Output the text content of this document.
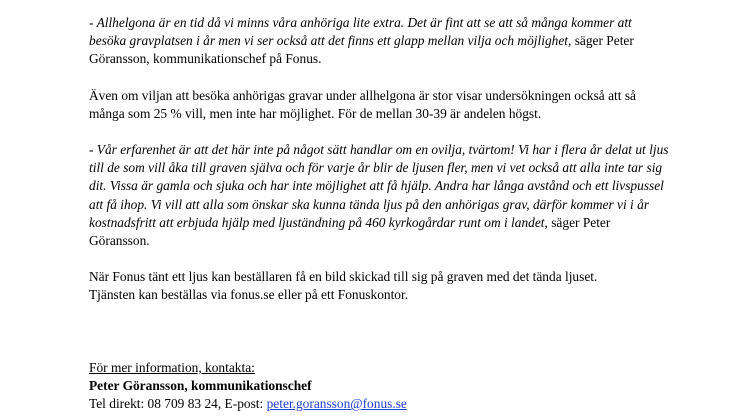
- Allhelgona är en tid då vi minns våra anhöriga lite extra. Det är fint att se att så många kommer att besöka gravplatsen i år men vi ser också att det finns ett glapp mellan vilja och möjlighet, säger Peter Göransson, kommunikationschef på Fonus.

Även om viljan att besöka anhörigas gravar under allhelgona är stor visar undersökningen också att så många som 25 % vill, men inte har möjlighet. För de mellan 30-39 är andelen högst.

- Vår erfarenhet är att det här inte på något sätt handlar om en ovilja, tvärtom! Vi har i flera år delat ut ljus till de som vill åka till graven själva och för varje år blir de ljusen fler, men vi vet också att alla inte tar sig dit. Vissa är gamla och sjuka och har inte möjlighet att få hjälp. Andra har långa avstånd och ett livspussel att få ihop. Vi vill att alla som önskar ska kunna tända ljus på den anhörigas grav, därför kommer vi i år kostnadsfritt att erbjuda hjälp med ljuständning på 460 kyrkogårdar runt om i landet, säger Peter Göransson.

När Fonus tänt ett ljus kan beställaren få en bild skickad till sig på graven med det tända ljuset.
Tjänsten kan beställas via fonus.se eller på ett Fonuskontor.

För mer information, kontakta:

Peter Göransson, kommunikationschef

Tel direkt: 08 709 83 24, E-post: peter.goransson@fonus.se
